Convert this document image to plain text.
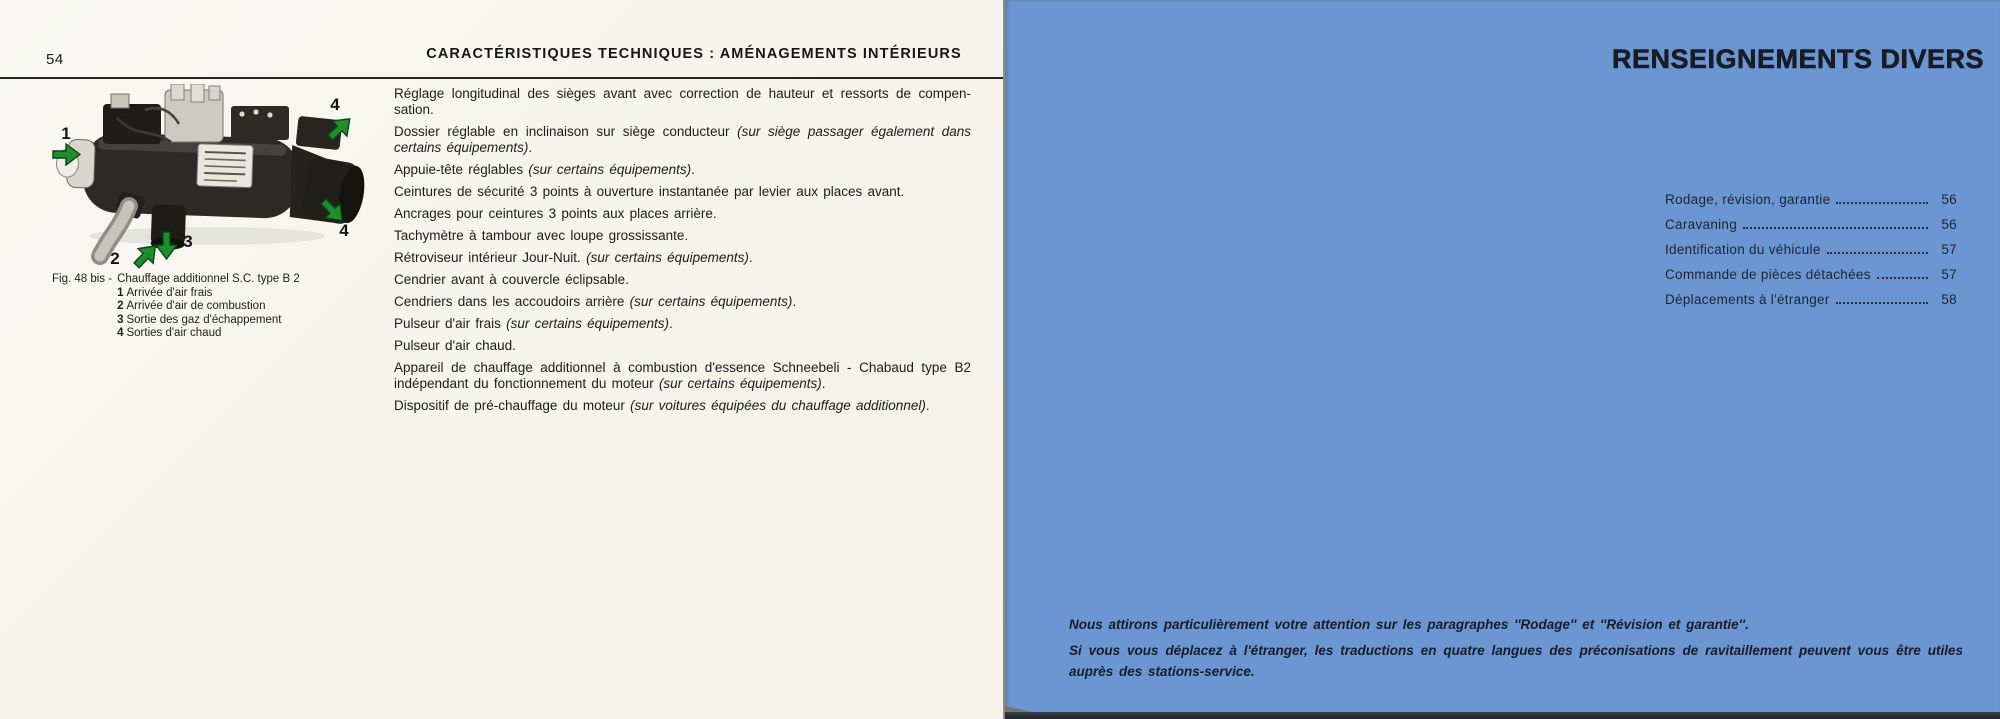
54	CARACTÉRISTIQUES TECHNIQUES : AMÉNAGEMENTS INTÉRIEURS
1
2
3
4
4
Fig. 48 bis - Chauffage additionnel S.C. type B 2
1 Arrivée d'air frais
2 Arrivée d'air de combustion
3 Sortie des gaz d'échappement
4 Sorties d'air chaud

Réglage longitudinal des sièges avant avec correction de hauteur et ressorts de compensation.

Dossier réglable en inclinaison sur siège conducteur (sur siège passager également dans certains équipements).

Appuie-tête réglables (sur certains équipements).

Ceintures de sécurité 3 points à ouverture instantanée par levier aux places avant.

Ancrages pour ceintures 3 points aux places arrière.

Tachymètre à tambour avec loupe grossissante.

Rétroviseur intérieur Jour-Nuit. (sur certains équipements).

Cendrier avant à couvercle éclipsable.

Cendriers dans les accoudoirs arrière (sur certains équipements).

Pulseur d'air frais (sur certains équipements).

Pulseur d'air chaud.

Appareil de chauffage additionnel à combustion d'essence Schneebeli - Chabaud type B2 indépendant du fonctionnement du moteur (sur certains équipements).

Dispositif de pré-chauffage du moteur (sur voitures équipées du chauffage additionnel).

RENSEIGNEMENTS DIVERS
Rodage, révision, garantie	56
Caravaning	56
Identification du véhicule	57
Commande de pièces détachées	57
Déplacements à l'étranger	58

Nous attirons particulièrement votre attention sur les paragraphes ''Rodage'' et ''Révision et garantie''.

Si vous vous déplacez à l'étranger, les traductions en quatre langues des préconisations de ravitaillement peuvent vous être utiles auprès des stations-service.
